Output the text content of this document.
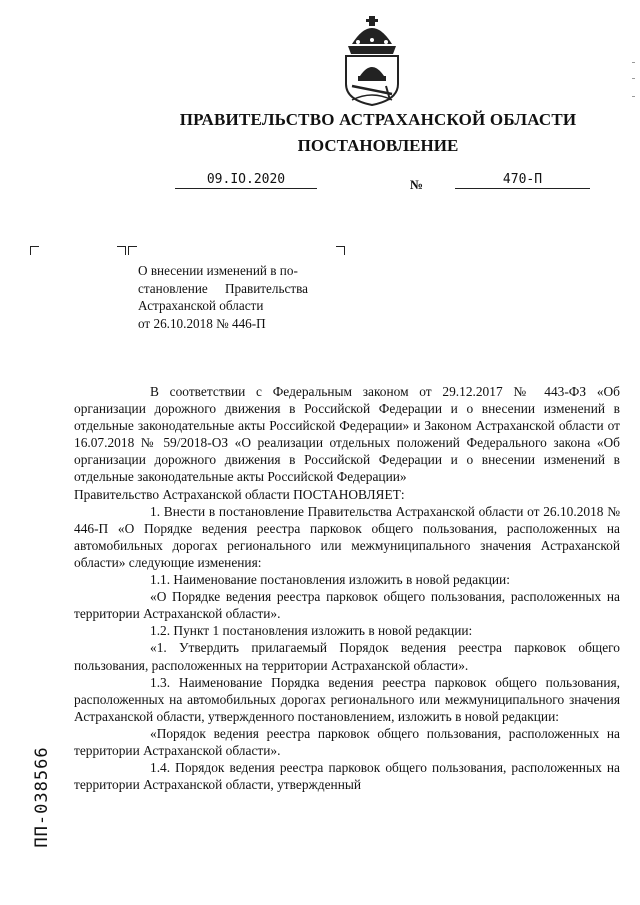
ПРАВИТЕЛЬСТВО АСТРАХАНСКОЙ ОБЛАСТИ
ПОСТАНОВЛЕНИЕ
09.IO.2020	№	470-П
О внесении изменений в по-
становление Правительства
Астраханской области
от 26.10.2018 № 446-П

В соответствии с Федеральным законом от 29.12.2017 № 443-ФЗ «Об организации дорожного движения в Российской Федерации и о внесении изменений в отдельные законодательные акты Российской Федерации» и Законом Астраханской области от 16.07.2018 № 59/2018-ОЗ «О реализации отдельных положений Федерального закона «Об организации дорожного движения в Российской Федерации и о внесении изменений в отдельные законодательные акты Российской Федерации»

Правительство Астраханской области ПОСТАНОВЛЯЕТ:

1. Внести в постановление Правительства Астраханской области от 26.10.2018 № 446-П «О Порядке ведения реестра парковок общего пользования, расположенных на автомобильных дорогах регионального или межмуниципального значения Астраханской области» следующие изменения:

1.1. Наименование постановления изложить в новой редакции:

«О Порядке ведения реестра парковок общего пользования, расположенных на территории Астраханской области».

1.2. Пункт 1 постановления изложить в новой редакции:

«1. Утвердить прилагаемый Порядок ведения реестра парковок общего пользования, расположенных на территории Астраханской области».

1.3. Наименование Порядка ведения реестра парковок общего пользования, расположенных на автомобильных дорогах регионального или межмуниципального значения Астраханской области, утвержденного постановлением, изложить в новой редакции:

«Порядок ведения реестра парковок общего пользования, расположенных на территории Астраханской области».

1.4. Порядок ведения реестра парковок общего пользования, расположенных на территории Астраханской области, утвержденный

ПП-038566
